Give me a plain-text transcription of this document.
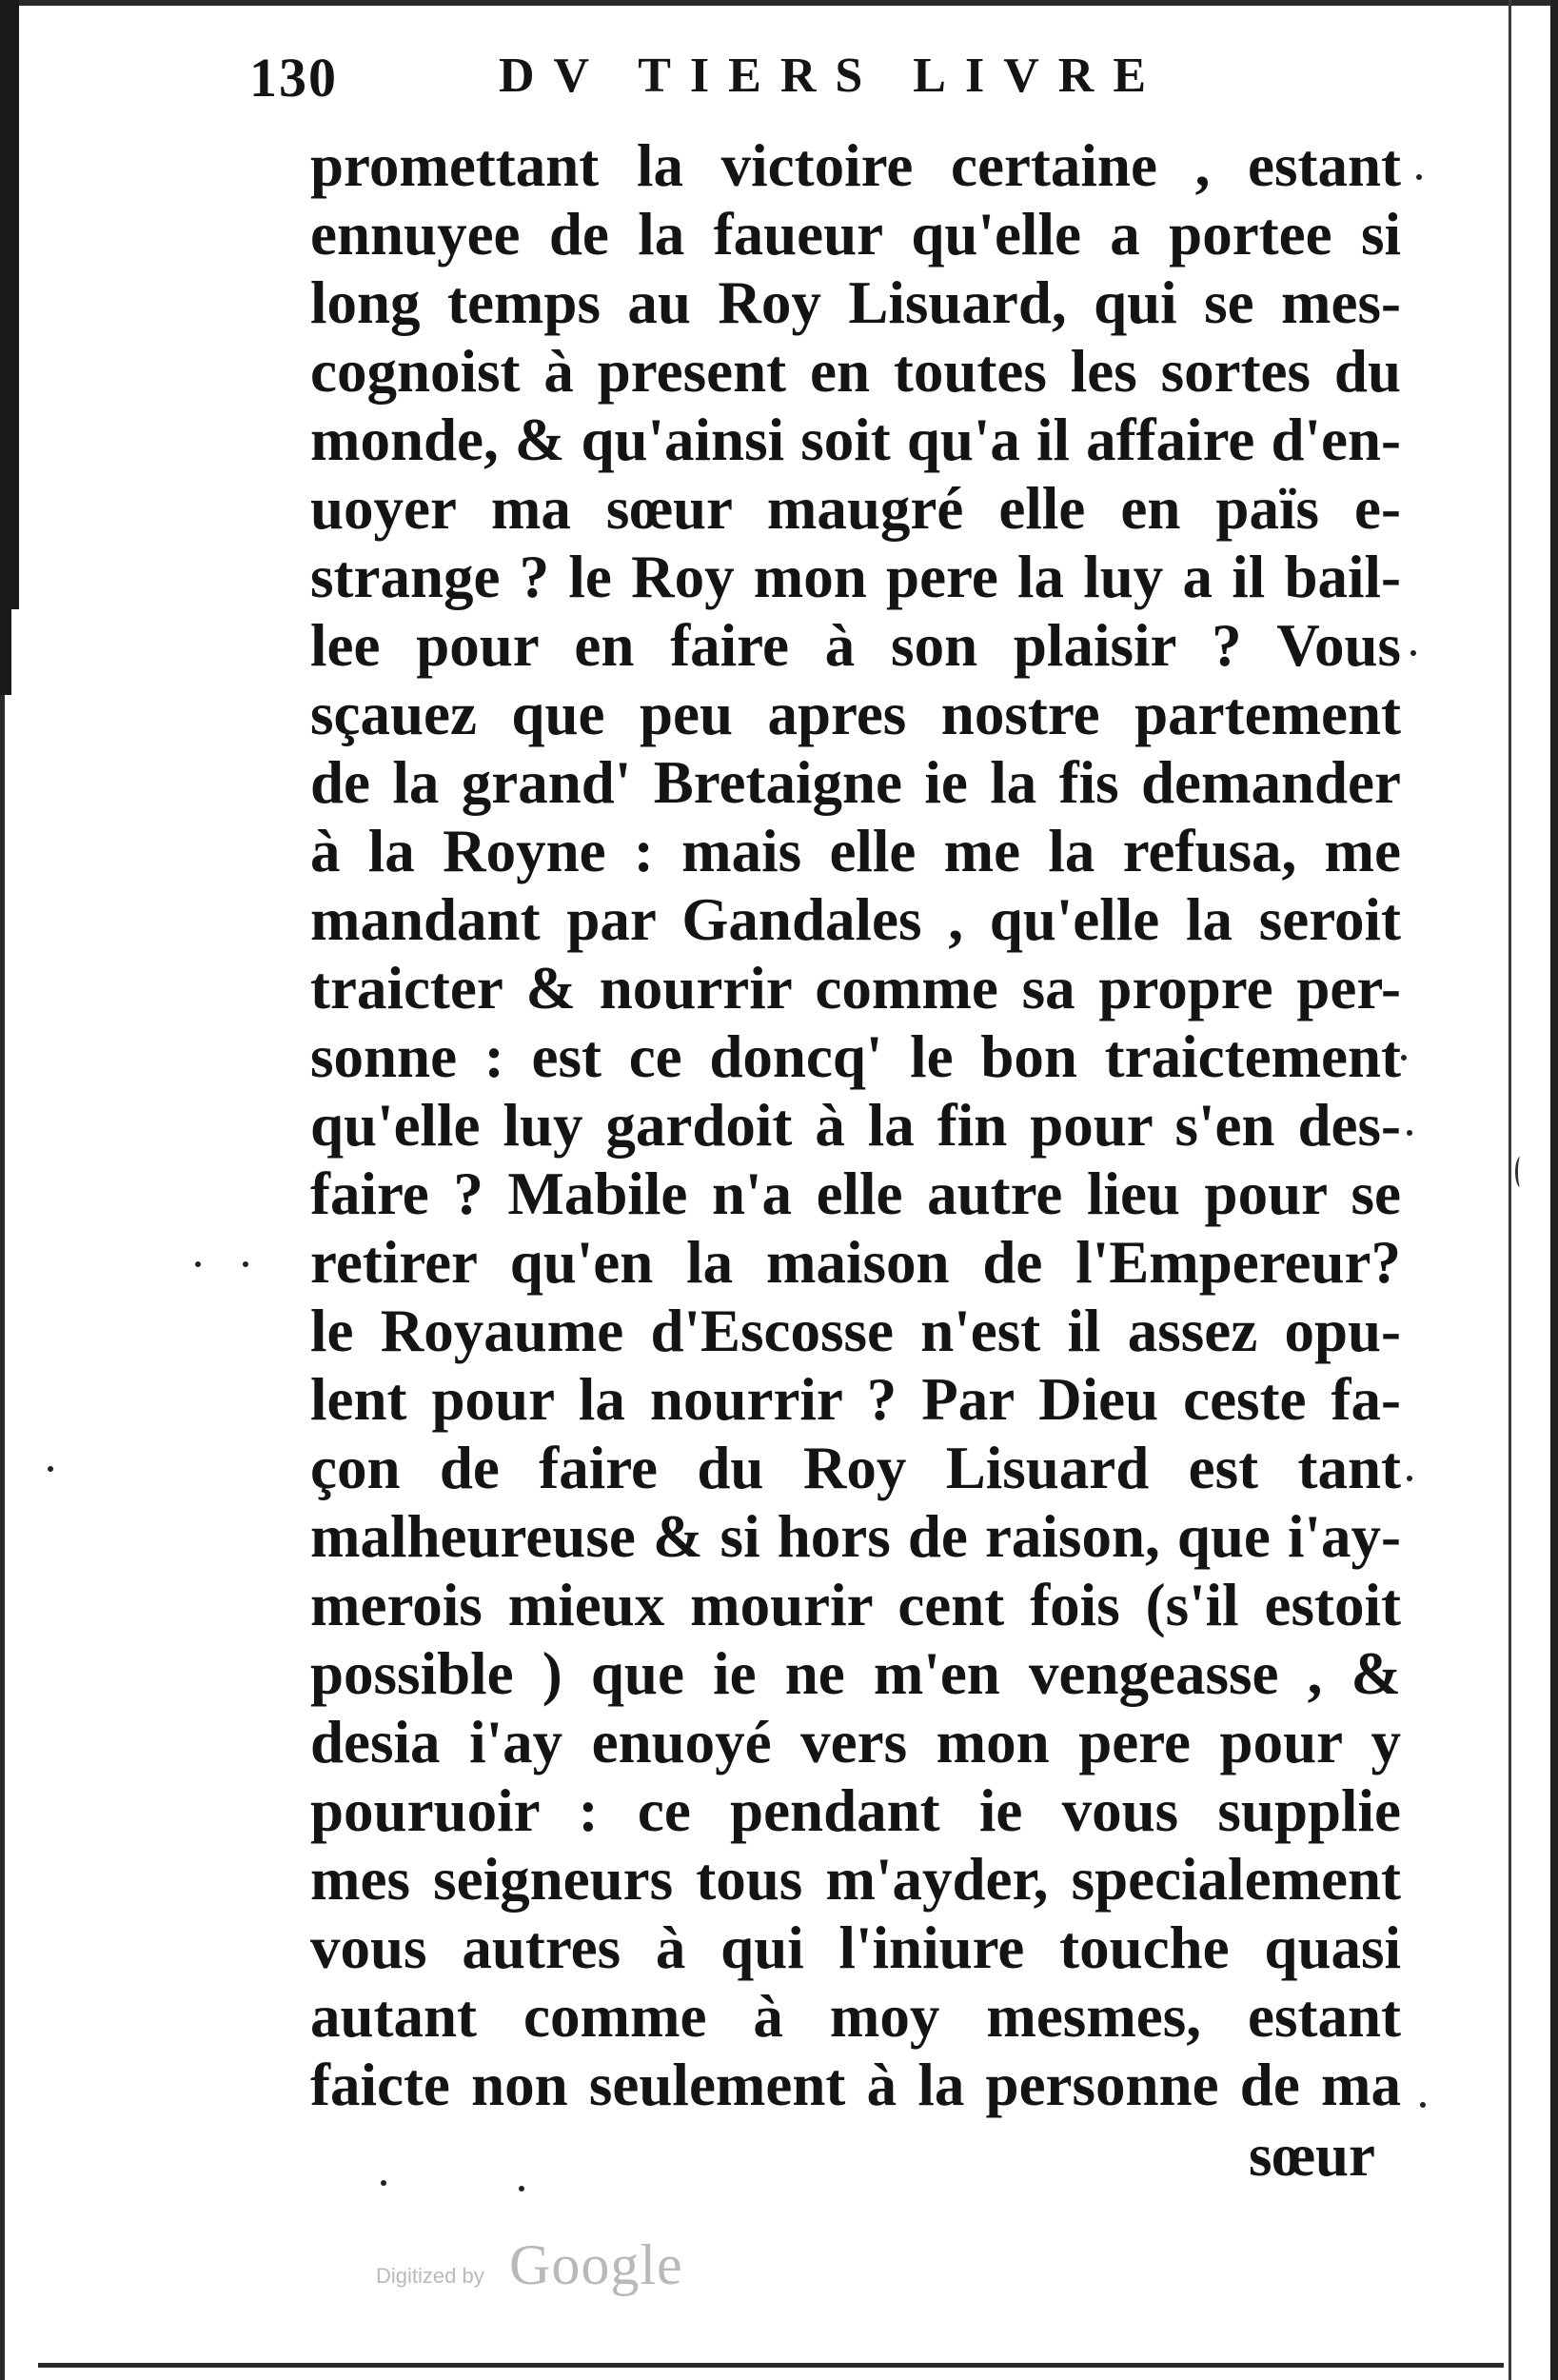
130	DV TIERS LIVRE
promettant la victoire certaine , estant
ennuyee de la faueur qu'elle a portee si
long temps au Roy Lisuard, qui se mes-
cognoist à present en toutes les sortes du
monde, & qu'ainsi soit qu'a il affaire d'en-
uoyer ma sœur maugré elle en païs e-
strange ? le Roy mon pere la luy a il bail-
lee pour en faire à son plaisir ? Vous
sçauez que peu apres nostre partement
de la grand' Bretaigne ie la fis demander
à la Royne : mais elle me la refusa, me
mandant par Gandales , qu'elle la seroit
traicter & nourrir comme sa propre per-
sonne : est ce doncq' le bon traictement
qu'elle luy gardoit à la fin pour s'en des-
faire ? Mabile n'a elle autre lieu pour se
retirer qu'en la maison de l'Empereur?
le Royaume d'Escosse n'est il assez opu-
lent pour la nourrir ? Par Dieu ceste fa-
çon de faire du Roy Lisuard est tant
malheureuse & si hors de raison, que i'ay-
merois mieux mourir cent fois (s'il estoit
possible ) que ie ne m'en vengeasse , &
desia i'ay enuoyé vers mon pere pour y
pouruoir : ce pendant ie vous supplie
mes seigneurs tous m'ayder, specialement
vous autres à qui l'iniure touche quasi
autant comme à moy mesmes, estant
faicte non seulement à la personne de ma
sœur
Digitized by Google
